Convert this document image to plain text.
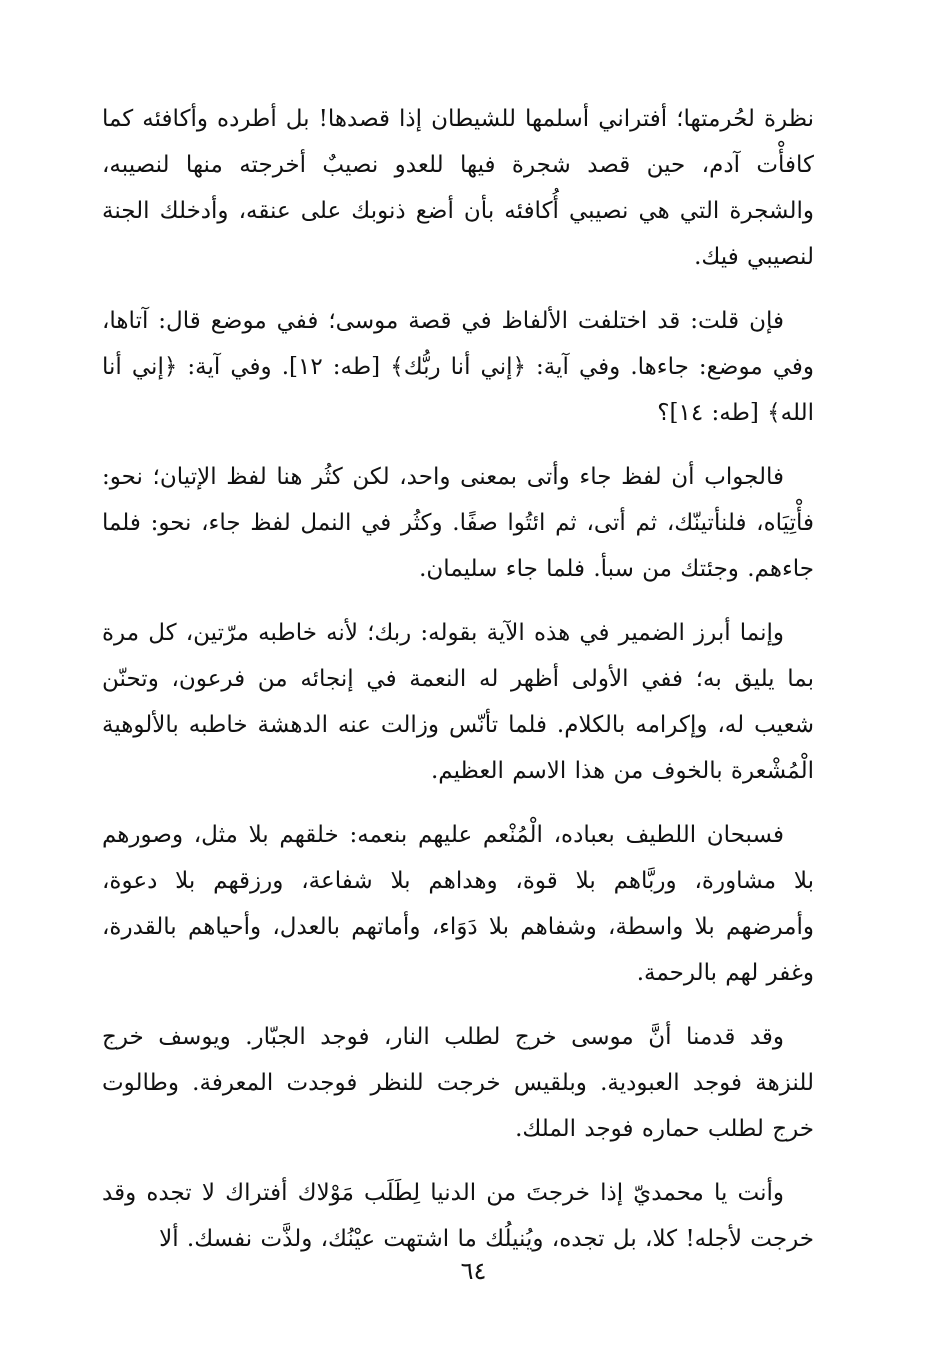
نظرة لحُرمتها؛ أفتراني أسلمها للشيطان إذا قصدها! بل أطرده وأكافئه كما كافأْت آدم، حين قصد شجرة فيها للعدو نصيبٌ أخرجته منها لنصيبه، والشجرة التي هي نصيبي أُكافئه بأن أضع ذنوبك على عنقه، وأدخلك الجنة لنصيبي فيك.

فإن قلت: قد اختلفت الألفاظ في قصة موسى؛ ففي موضع قال: آتاها، وفي موضع: جاءها. وفي آية: ﴿إني أنا ربُّك﴾ [طه: ١٢]. وفي آية: ﴿إني أنا الله﴾ [طه: ١٤]؟

فالجواب أن لفظ جاء وأتى بمعنى واحد، لكن كثُر هنا لفظ الإتيان؛ نحو: فأْتِيَاه، فلنأتينّك، ثم أتى، ثم ائتُوا صفًا. وكثُر في النمل لفظ جاء، نحو: فلما جاءهم. وجئتك من سبأ. فلما جاء سليمان.

وإنما أبرز الضمير في هذه الآية بقوله: ربك؛ لأنه خاطبه مرّتين، كل مرة بما يليق به؛ ففي الأولى أظهر له النعمة في إنجائه من فرعون، وتحنّن شعيب له، وإكرامه بالكلام. فلما تأنّس وزالت عنه الدهشة خاطبه بالألوهية الْمُشْعرة بالخوف من هذا الاسم العظيم.

فسبحان اللطيف بعباده، الْمُنْعم عليهم بنعمه: خلقهم بلا مثل، وصورهم بلا مشاورة، وربَّاهم بلا قوة، وهداهم بلا شفاعة، ورزقهم بلا دعوة، وأمرضهم بلا واسطة، وشفاهم بلا دَوَاء، وأماتهم بالعدل، وأحياهم بالقدرة، وغفر لهم بالرحمة.

وقد قدمنا أنَّ موسى خرج لطلب النار، فوجد الجبّار. ويوسف خرج للنزهة فوجد العبودية. وبلقيس خرجت للنظر فوجدت المعرفة. وطالوت خرج لطلب حماره فوجد الملك.

وأنت يا محمديّ إذا خرجتَ من الدنيا لِطَلَب مَوْلاك أفتراك لا تجده وقد خرجت لأجله! كلا، بل تجده، ويُنيلُك ما اشتهت عيْنُك، ولذَّت نفسك. ألا

٦٤
